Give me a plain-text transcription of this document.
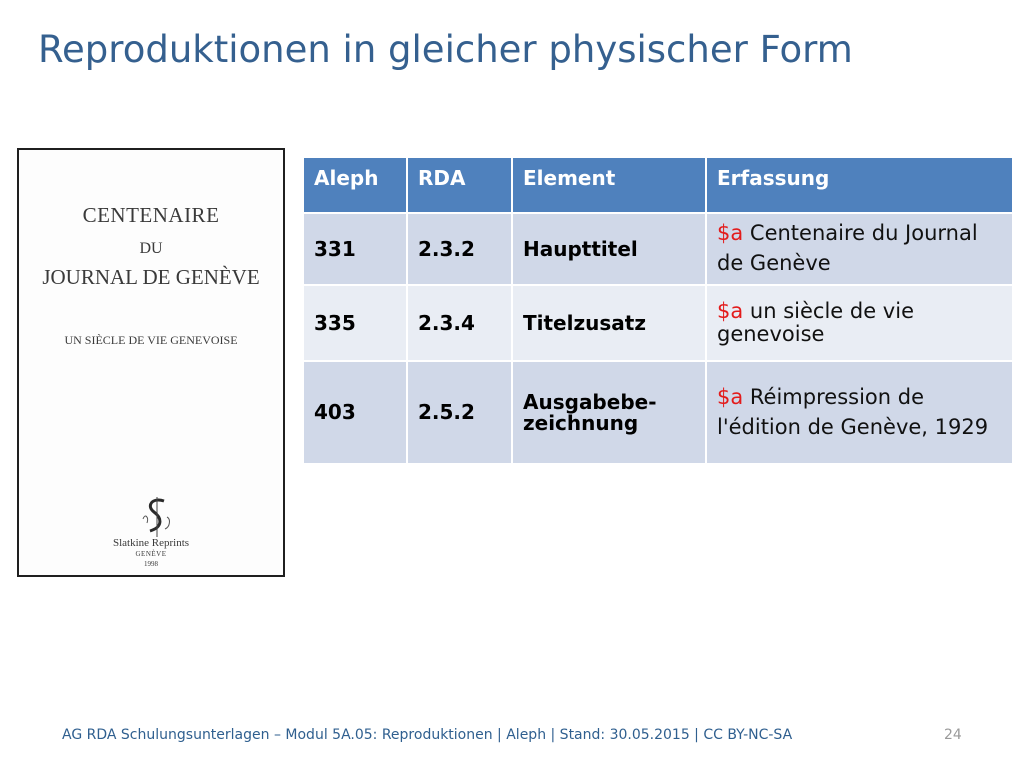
Reproduktionen in gleicher physischer Form
CENTENAIRE
DU
JOURNAL DE GENÈVE
UN SIÈCLE DE VIE GENEVOISE
Slatkine Reprints
GENÈVE
1998
Aleph	RDA	Element	Erfassung
331	2.3.2	Haupttitel	$a Centenaire du Journal de Genève
335	2.3.4	Titelzusatz	$a un siècle de vie genevoise
403	2.5.2	Ausgabebe-zeichnung	$a Réimpression de l'édition de Genève, 1929
AG RDA Schulungsunterlagen – Modul 5A.05: Reproduktionen | Aleph | Stand: 30.05.2015 | CC BY-NC-SA	24
